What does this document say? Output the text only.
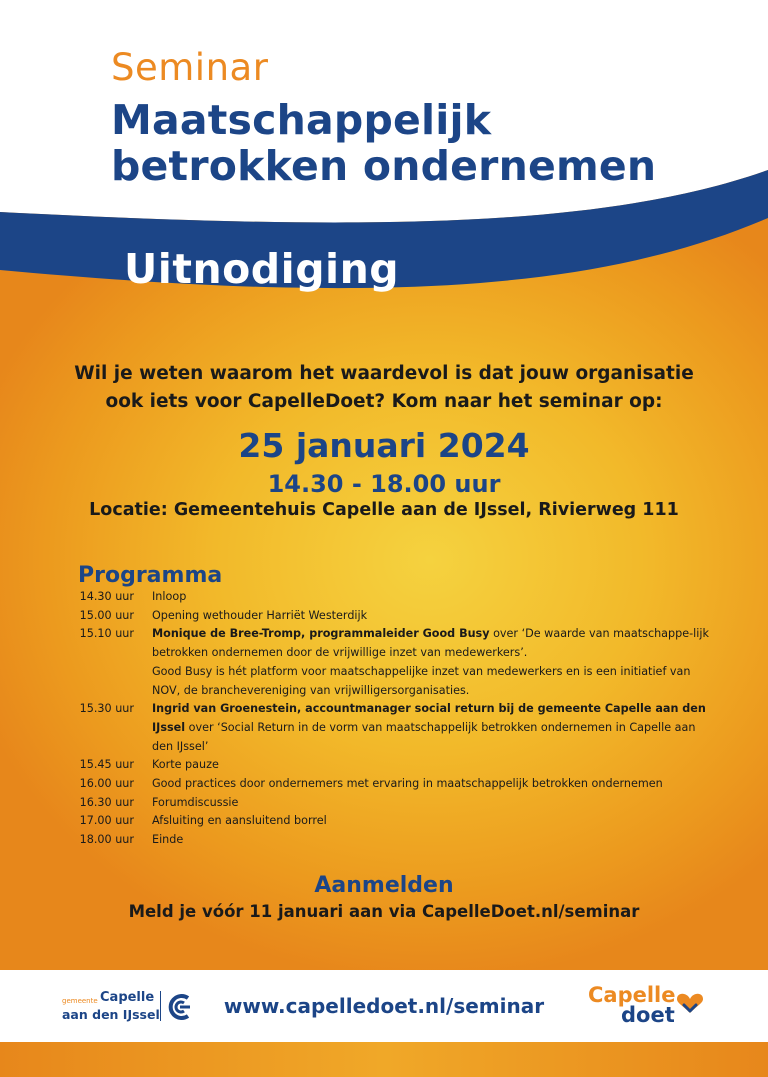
Seminar
Maatschappelijk
betrokken ondernemen
Uitnodiging
Wil je weten waarom het waardevol is dat jouw organisatie
ook iets voor CapelleDoet? Kom naar het seminar op:
25 januari 2024
14.30 - 18.00 uur
Locatie: Gemeentehuis Capelle aan de IJssel, Rivierweg 111
Programma
14.30 uur	Inloop
15.00 uur	Opening wethouder Harriët Westerdijk
15.10 uur	Monique de Bree-Tromp, programmaleider Good Busy over ‘De waarde van maatschappe-lijk betrokken ondernemen door de vrijwillige inzet van medewerkers’.
Good Busy is hét platform voor maatschappelijke inzet van medewerkers en is een initiatief van NOV, de branchevereniging van vrijwilligersorganisaties.
15.30 uur	Ingrid van Groenestein, accountmanager social return bij de gemeente Capelle aan den IJssel over ‘Social Return in de vorm van maatschappelijk betrokken ondernemen in Capelle aan den IJssel’
15.45 uur	Korte pauze
16.00 uur	Good practices door ondernemers met ervaring in maatschappelijk betrokken ondernemen
16.30 uur	Forumdiscussie
17.00 uur	Afsluiting en aansluitend borrel
18.00 uur	Einde
Aanmelden
Meld je vóór 11 januari aan via CapelleDoet.nl/seminar
gemeente Capelle
aan den IJssel	www.capelledoet.nl/seminar	Capelle
doet
